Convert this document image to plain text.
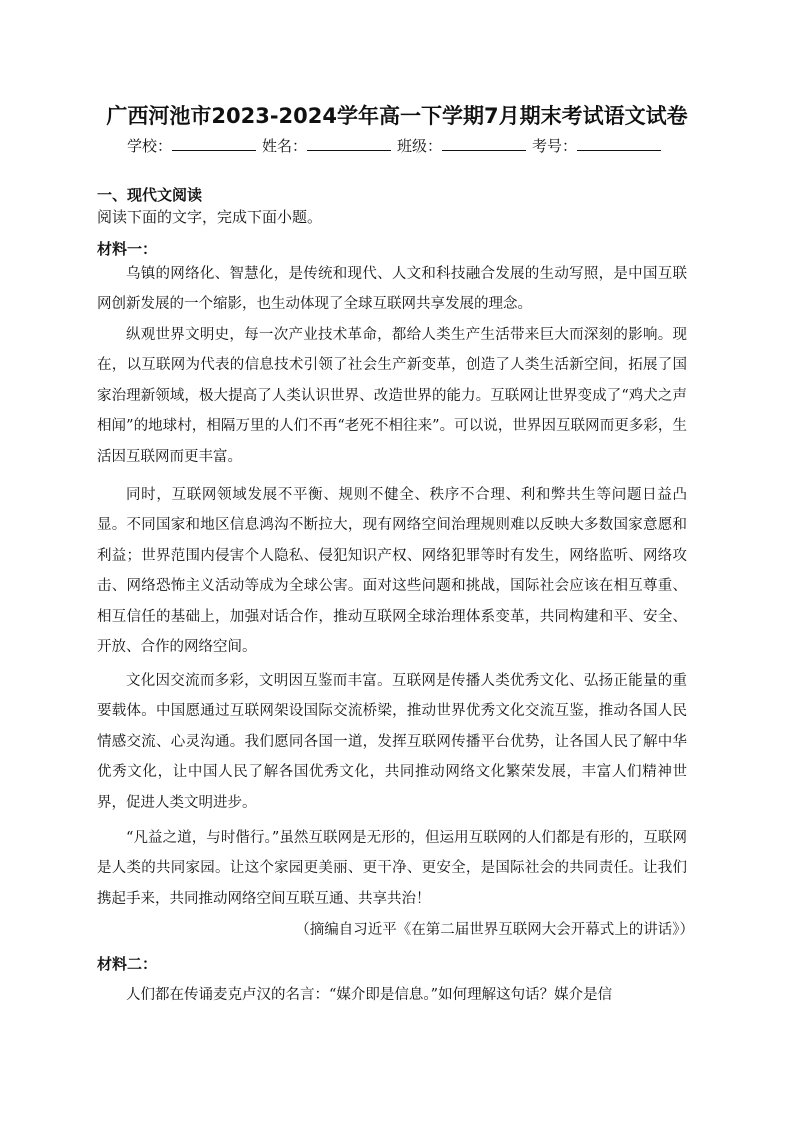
广西河池市2023-2024学年高一下学期7月期末考试语文试卷
学校：	姓名：	班级：	考号：
一、现代文阅读
阅读下面的文字，完成下面小题。
材料一：

乌镇的网络化、智慧化，是传统和现代、人文和科技融合发展的生动写照，是中国互联网创新发展的一个缩影，也生动体现了全球互联网共享发展的理念。

纵观世界文明史，每一次产业技术革命，都给人类生产生活带来巨大而深刻的影响。现在，以互联网为代表的信息技术引领了社会生产新变革，创造了人类生活新空间，拓展了国家治理新领域，极大提高了人类认识世界、改造世界的能力。互联网让世界变成了“鸡犬之声相闻”的地球村，相隔万里的人们不再“老死不相往来”。可以说，世界因互联网而更多彩，生活因互联网而更丰富。

同时，互联网领域发展不平衡、规则不健全、秩序不合理、利和弊共生等问题日益凸显。不同国家和地区信息鸿沟不断拉大，现有网络空间治理规则难以反映大多数国家意愿和利益；世界范围内侵害个人隐私、侵犯知识产权、网络犯罪等时有发生，网络监听、网络攻击、网络恐怖主义活动等成为全球公害。面对这些问题和挑战，国际社会应该在相互尊重、相互信任的基础上，加强对话合作，推动互联网全球治理体系变革，共同构建和平、安全、开放、合作的网络空间。

文化因交流而多彩，文明因互鉴而丰富。互联网是传播人类优秀文化、弘扬正能量的重要载体。中国愿通过互联网架设国际交流桥梁，推动世界优秀文化交流互鉴，推动各国人民情感交流、心灵沟通。我们愿同各国一道，发挥互联网传播平台优势，让各国人民了解中华优秀文化，让中国人民了解各国优秀文化，共同推动网络文化繁荣发展，丰富人们精神世界，促进人类文明进步。

“凡益之道，与时偕行。”虽然互联网是无形的，但运用互联网的人们都是有形的，互联网是人类的共同家园。让这个家园更美丽、更干净、更安全，是国际社会的共同责任。让我们携起手来，共同推动网络空间互联互通、共享共治！

（摘编自习近平《在第二届世界互联网大会开幕式上的讲话》）
材料二：

人们都在传诵麦克卢汉的名言：“媒介即是信息。”如何理解这句话？媒介是信
